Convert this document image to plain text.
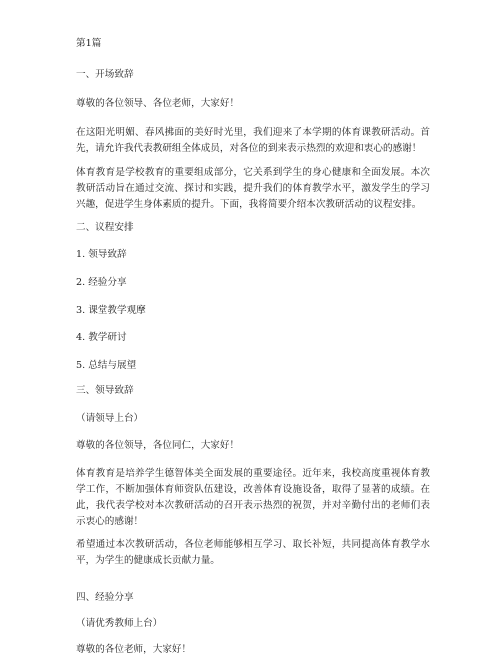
第1篇
一、开场致辞
尊敬的各位领导、各位老师，大家好！
在这阳光明媚、春风拂面的美好时光里，我们迎来了本学期的体育课教研活动。首先，请允许我代表教研组全体成员，对各位的到来表示热烈的欢迎和衷心的感谢！
体育教育是学校教育的重要组成部分，它关系到学生的身心健康和全面发展。本次教研活动旨在通过交流、探讨和实践，提升我们的体育教学水平，激发学生的学习兴趣，促进学生身体素质的提升。下面，我将简要介绍本次教研活动的议程安排。
二、议程安排
1. 领导致辞
2. 经验分享
3. 课堂教学观摩
4. 教学研讨
5. 总结与展望
三、领导致辞
（请领导上台）
尊敬的各位领导，各位同仁，大家好！
体育教育是培养学生德智体美全面发展的重要途径。近年来，我校高度重视体育教学工作，不断加强体育师资队伍建设，改善体育设施设备，取得了显著的成绩。在此，我代表学校对本次教研活动的召开表示热烈的祝贺，并对辛勤付出的老师们表示衷心的感谢！
希望通过本次教研活动，各位老师能够相互学习、取长补短，共同提高体育教学水平，为学生的健康成长贡献力量。
四、经验分享
（请优秀教师上台）
尊敬的各位老师，大家好！
